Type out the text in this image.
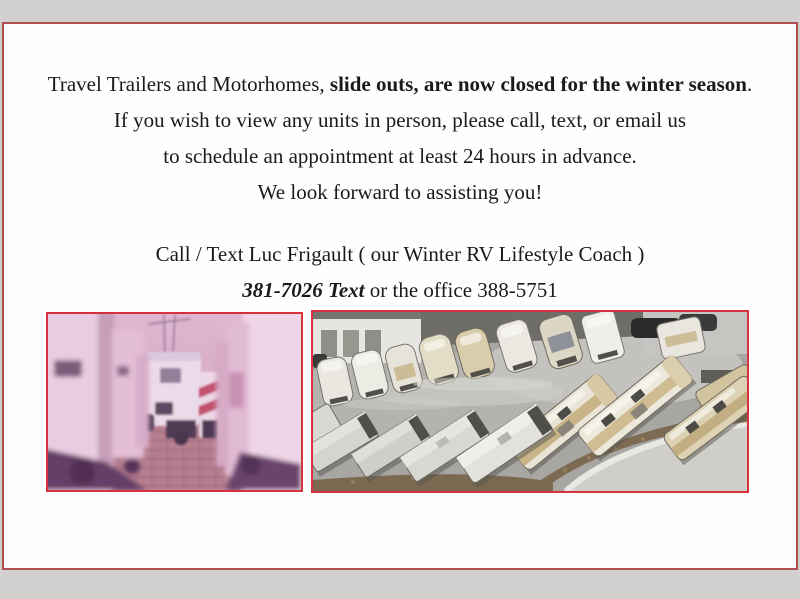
Travel Trailers and Motorhomes, slide outs, are now closed for the winter season.
If you wish to view any units in person, please call, text, or email us
to schedule an appointment at least 24 hours in advance.
We look forward to assisting you!
Call / Text Luc Frigault ( our Winter RV Lifestyle Coach )
381-7026 Text or the office 388-5751
